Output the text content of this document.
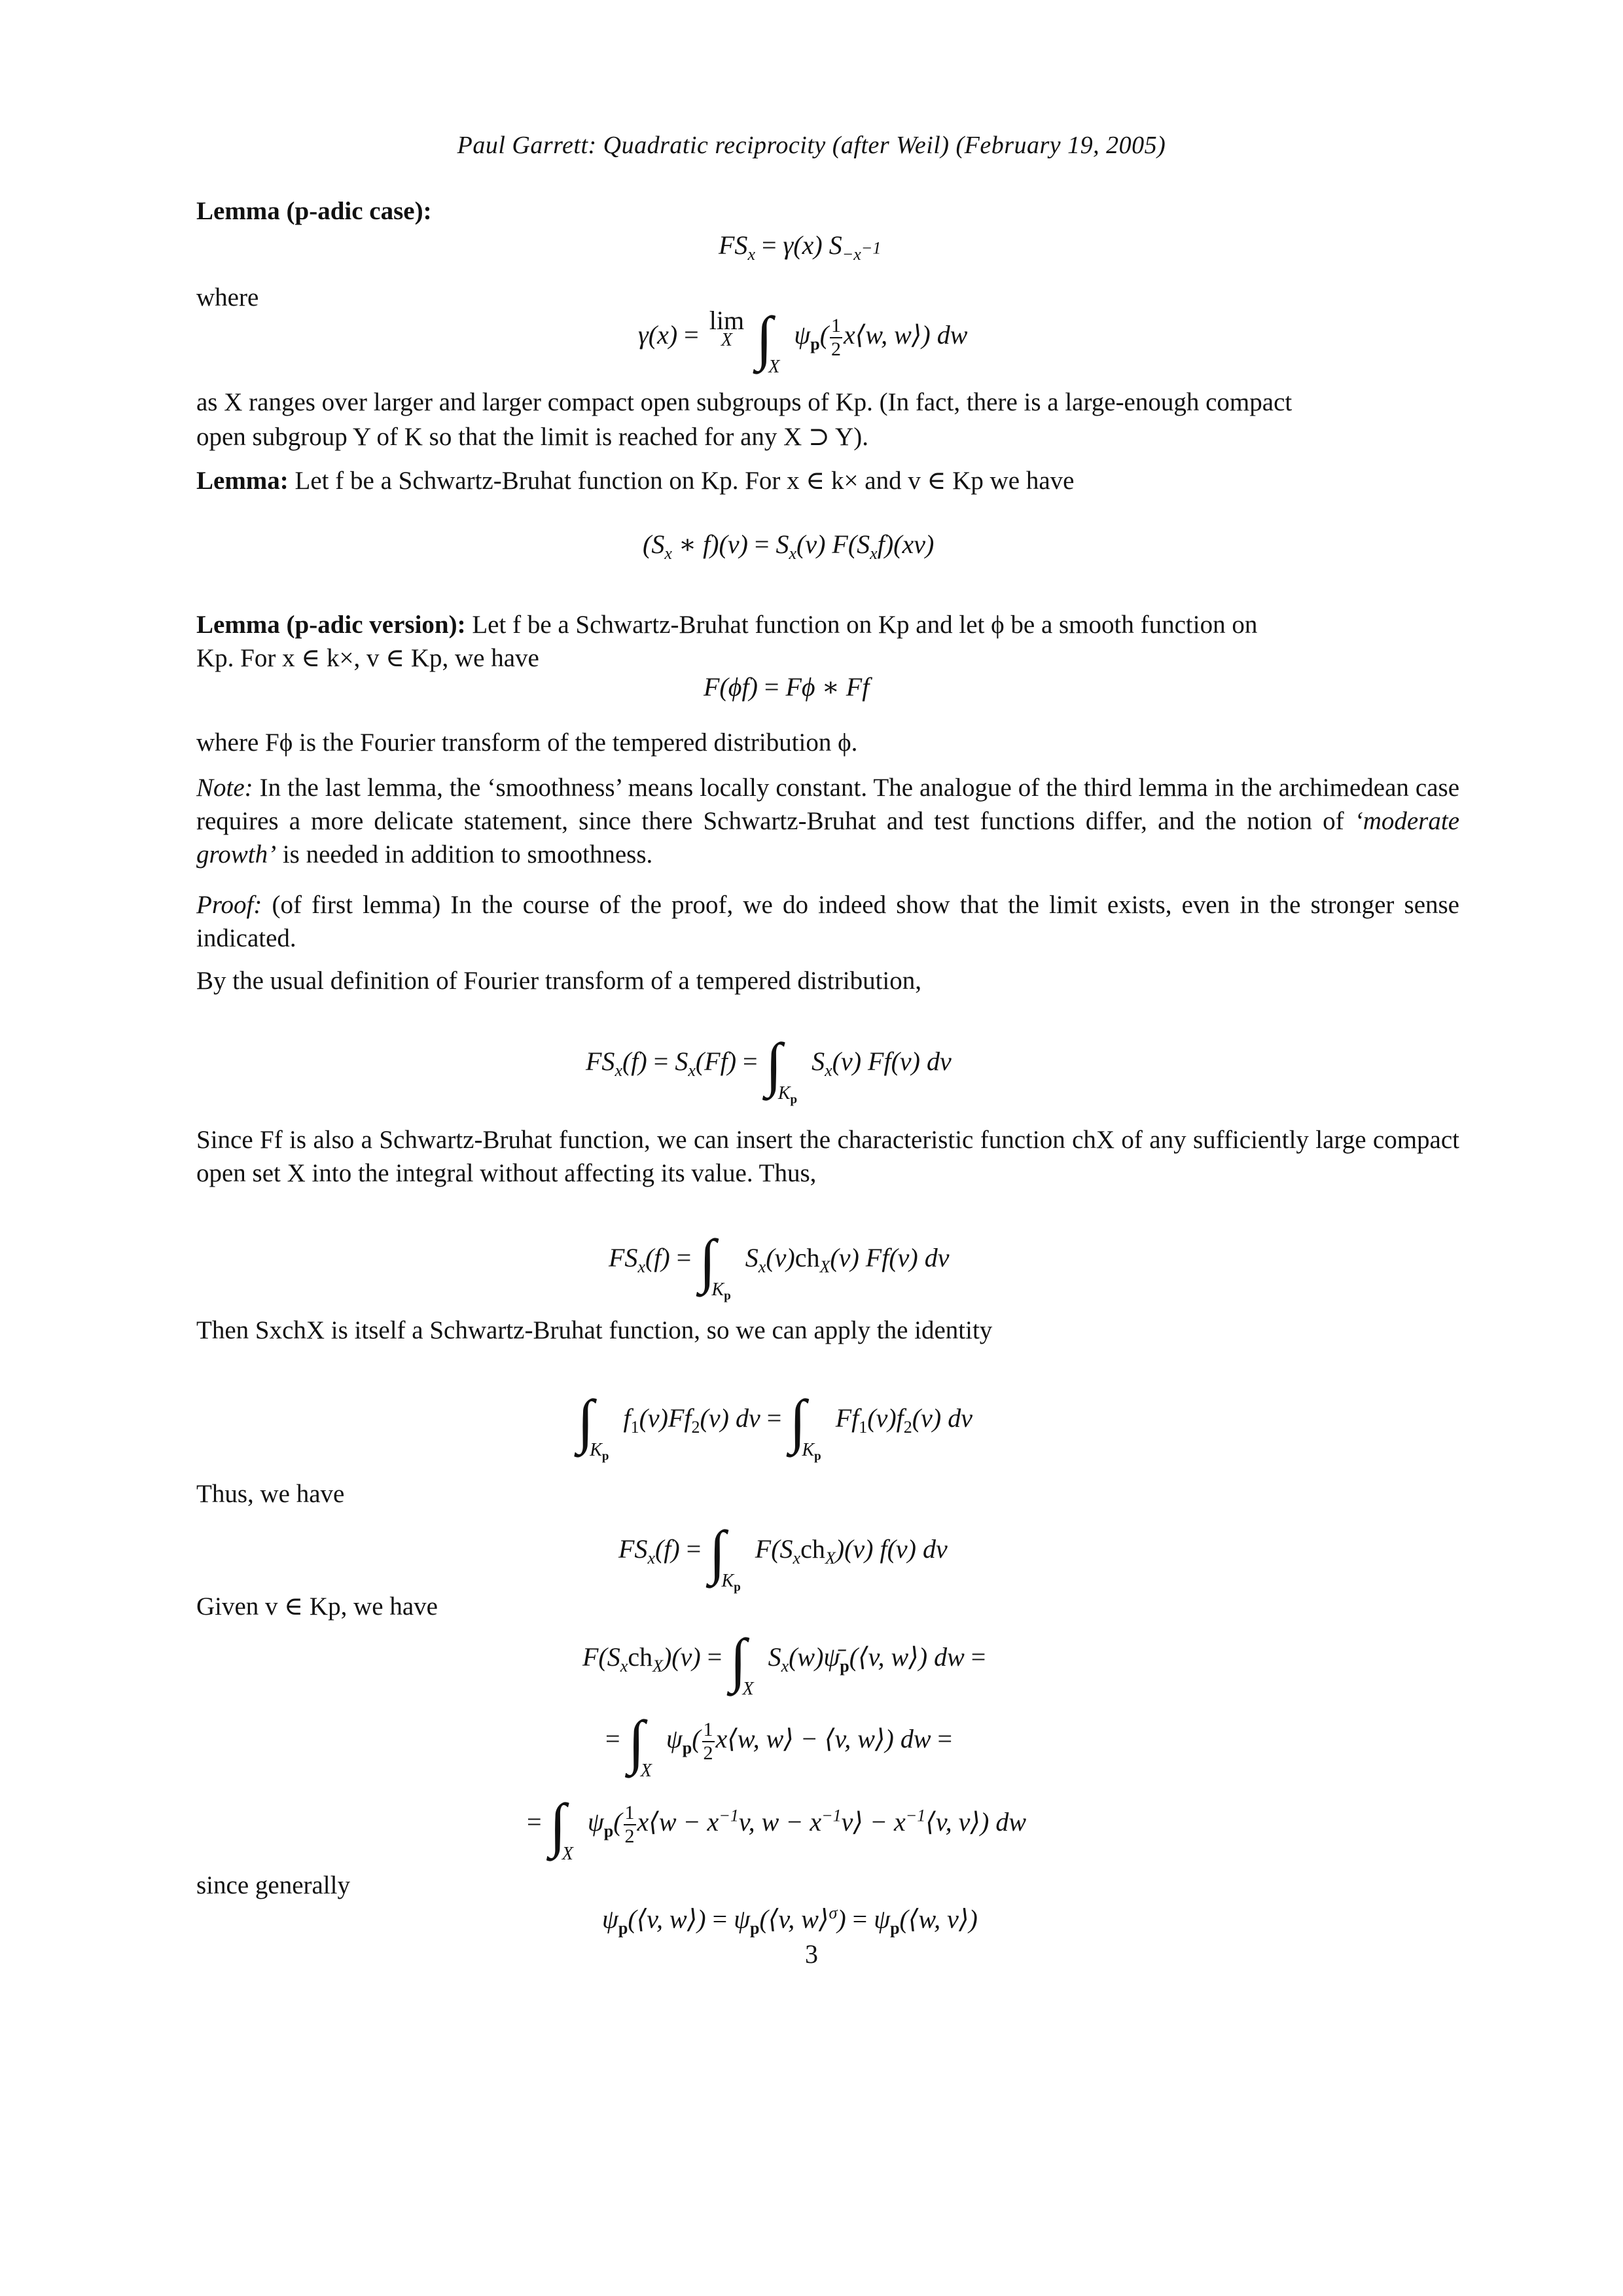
Paul Garrett: Quadratic reciprocity (after Weil) (February 19, 2005)
Lemma (p-adic case):
$FS_x = \gamma(x)$ $S_{-x^{-1}}$
where
γ(x) = lim
X ∫X $\psi_p( \frac{1}{2}$ x⟨w, w⟩) dw
as X ranges over larger and larger compact open subgroups of Kp. (In fact, there is a large-enough compact
open subgroup Y of K so that the limit is reached for any X ⊃ Y).
Lemma: Let f be a Schwartz-Bruhat function on Kp. For x ∈ k× and v ∈ Kp we have
($S_x$ ∗ $f)(v) = S_x(v)$ $F(S_xf)(xv)$
Lemma (p-adic version): Let f be a Schwartz-Bruhat function on Kp and let ϕ be a smooth function on
Kp. For x ∈ k×, v ∈ Kp, we have
F(ϕf) = Fϕ ∗ Ff
where Fϕ is the Fourier transform of the tempered distribution ϕ.
Note: In the last lemma, the ‘smoothness’ means locally constant. The analogue of the third lemma in the archimedean case requires a more delicate statement, since there Schwartz-Bruhat and test functions differ, and the notion of ‘moderate growth’ is needed in addition to smoothness.
Proof: (of first lemma) In the course of the proof, we do indeed show that the limit exists, even in the stronger sense indicated.
By the usual definition of Fourier transform of a tempered distribution,
$FS_x(f) = S_x(Ff) = \int K_p$ $S_x(v)$ Ff(v) dv
Since Ff is also a Schwartz-Bruhat function, we can insert the characteristic function chX of any sufficiently large compact open set X into the integral without affecting its value. Thus,
$FS_x(f) = \int K_p$ $S_x(v)ch_X(v)$ Ff(v) dv
Then SxchX is itself a Schwartz-Bruhat function, so we can apply the identity
$\int K_p$ $f_1(v)Ff_2(v)$ dv = $\int K_p$ $Ff_1(v)f_2(v)$ dv
Thus, we have
$FS_x(f) = \int K_p$ $F(S_xch_X)(v)$ f(v) dv
Given v ∈ Kp, we have
$F(S_xch_X)(v) = \int X$ $S_x(w)\psī_p(⟨v$, w⟩) dw =
= ∫X $\psi_p( \frac{1}{2}$ x⟨w, w⟩ − ⟨v, w⟩) dw =
= ∫X $\psi_p( \frac{1}{2}$ x⟨w − $x^{-1}v$, $w - x^{-1}v⟩$ − $x^{-1}⟨v$, v⟩) dw
since generally
$\psi_p(⟨v$, w⟩) = $\psi_p(⟨v$, w⟩$^\sigma$) = $\psi_p(⟨w$, v⟩)
3
